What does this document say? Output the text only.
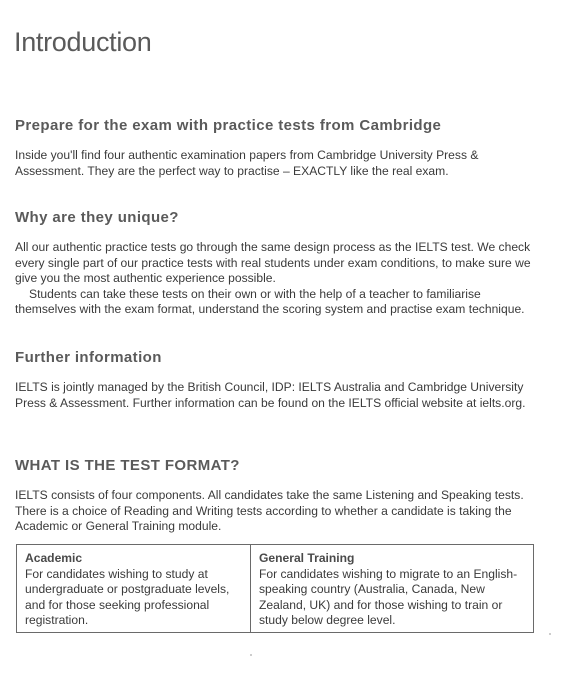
Introduction
Prepare for the exam with practice tests from Cambridge

Inside you'll find four authentic examination papers from Cambridge University Press & Assessment. They are the perfect way to practise – EXACTLY like the real exam.

Why are they unique?

All our authentic practice tests go through the same design process as the IELTS test. We check every single part of our practice tests with real students under exam conditions, to make sure we give you the most authentic experience possible.

Students can take these tests on their own or with the help of a teacher to familiarise themselves with the exam format, understand the scoring system and practise exam technique.

Further information

IELTS is jointly managed by the British Council, IDP: IELTS Australia and Cambridge University Press & Assessment. Further information can be found on the IELTS official website at ielts.org.

WHAT IS THE TEST FORMAT?

IELTS consists of four components. All candidates take the same Listening and Speaking tests. There is a choice of Reading and Writing tests according to whether a candidate is taking the Academic or General Training module.

Academic
For candidates wishing to study at undergraduate or postgraduate levels, and for those seeking professional registration.
General Training
For candidates wishing to migrate to an English-speaking country (Australia, Canada, New Zealand, UK) and for those wishing to train or study below degree level.
